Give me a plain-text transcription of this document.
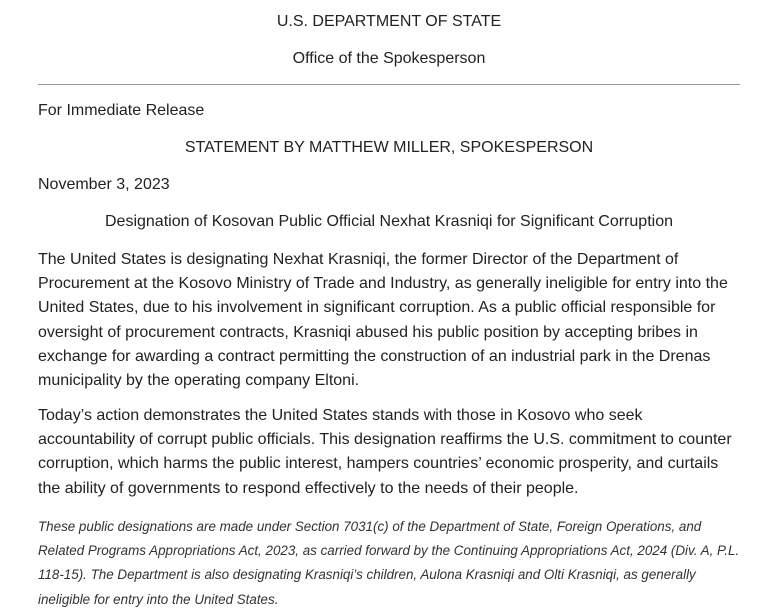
U.S. DEPARTMENT OF STATE
Office of the Spokesperson
For Immediate Release
STATEMENT BY MATTHEW MILLER, SPOKESPERSON
November 3, 2023
Designation of Kosovan Public Official Nexhat Krasniqi for Significant Corruption

The United States is designating Nexhat Krasniqi, the former Director of the Department of Procurement at the Kosovo Ministry of Trade and Industry, as generally ineligible for entry into the United States, due to his involvement in significant corruption. As a public official responsible for oversight of procurement contracts, Krasniqi abused his public position by accepting bribes in exchange for awarding a contract permitting the construction of an industrial park in the Drenas municipality by the operating company Eltoni.

Today’s action demonstrates the United States stands with those in Kosovo who seek accountability of corrupt public officials. This designation reaffirms the U.S. commitment to counter corruption, which harms the public interest, hampers countries’ economic prosperity, and curtails the ability of governments to respond effectively to the needs of their people.

These public designations are made under Section 7031(c) of the Department of State, Foreign Operations, and Related Programs Appropriations Act, 2023, as carried forward by the Continuing Appropriations Act, 2024 (Div. A, P.L. 118-15). The Department is also designating Krasniqi’s children, Aulona Krasniqi and Olti Krasniqi, as generally ineligible for entry into the United States.
